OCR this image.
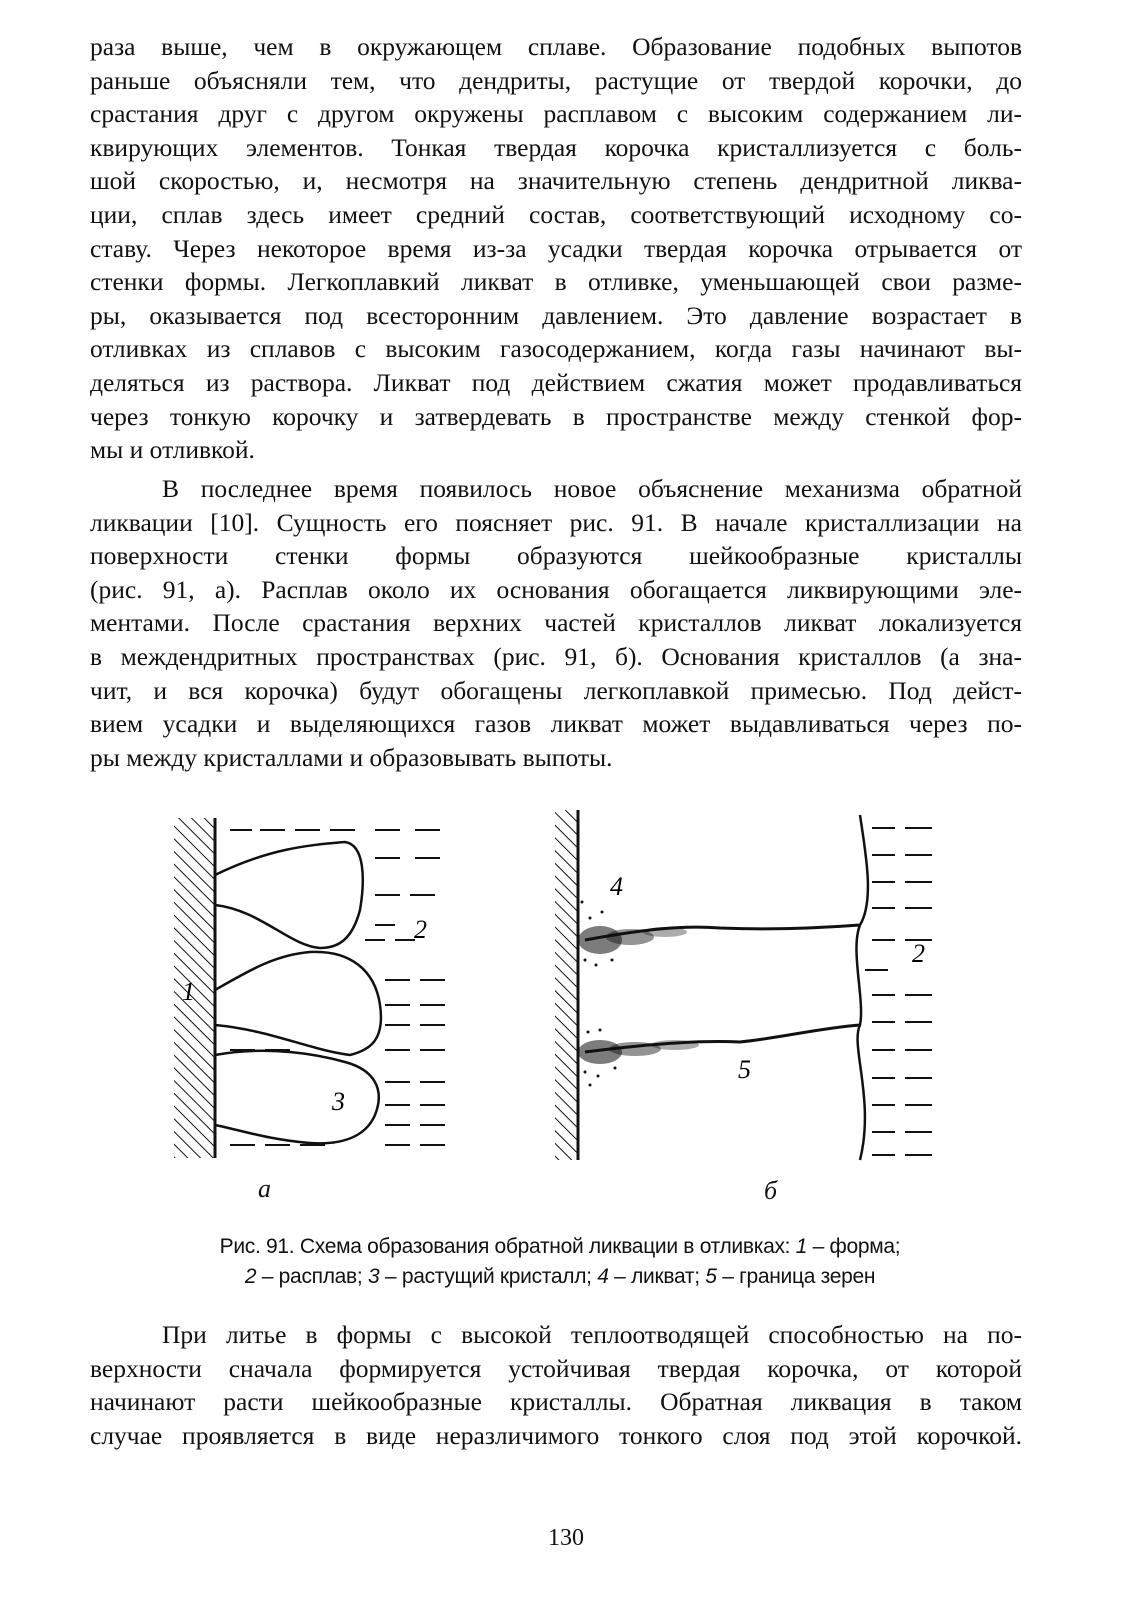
раза выше, чем в окружающем сплаве. Образование подобных выпотов
раньше объясняли тем, что дендриты, растущие от твердой корочки, до
срастания друг с другом окружены расплавом с высоким содержанием ли-
квирующих элементов. Тонкая твердая корочка кристаллизуется с боль-
шой скоростью, и, несмотря на значительную степень дендритной ликва-
ции, сплав здесь имеет средний состав, соответствующий исходному со-
ставу. Через некоторое время из-за усадки твердая корочка отрывается от
стенки формы. Легкоплавкий ликват в отливке, уменьшающей свои разме-
ры, оказывается под всесторонним давлением. Это давление возрастает в
отливках из сплавов с высоким газосодержанием, когда газы начинают вы-
деляться из раствора. Ликват под действием сжатия может продавливаться
через тонкую корочку и затвердевать в пространстве между стенкой фор-
мы и отливкой.
В последнее время появилось новое объяснение механизма обратной
ликвации [10]. Сущность его поясняет рис. 91. В начале кристаллизации на
поверхности стенки формы образуются шейкообразные кристаллы
(рис. 91, а). Расплав около их основания обогащается ликвирующими эле-
ментами. После срастания верхних частей кристаллов ликват локализуется
в междендритных пространствах (рис. 91, б). Основания кристаллов (а зна-
чит, и вся корочка) будут обогащены легкоплавкой примесью. Под дейст-
вием усадки и выделяющихся газов ликват может выдавливаться через по-
ры между кристаллами и образовывать выпоты.
2
1
3
4
5
2
а	б
Рис. 91. Схема образования обратной ликвации в отливках: 1 – форма;
2 – расплав; 3 – растущий кристалл; 4 – ликват; 5 – граница зерен
При литье в формы с высокой теплоотводящей способностью на по-
верхности сначала формируется устойчивая твердая корочка, от которой
начинают расти шейкообразные кристаллы. Обратная ликвация в таком
случае проявляется в виде неразличимого тонкого слоя под этой корочкой.
130
